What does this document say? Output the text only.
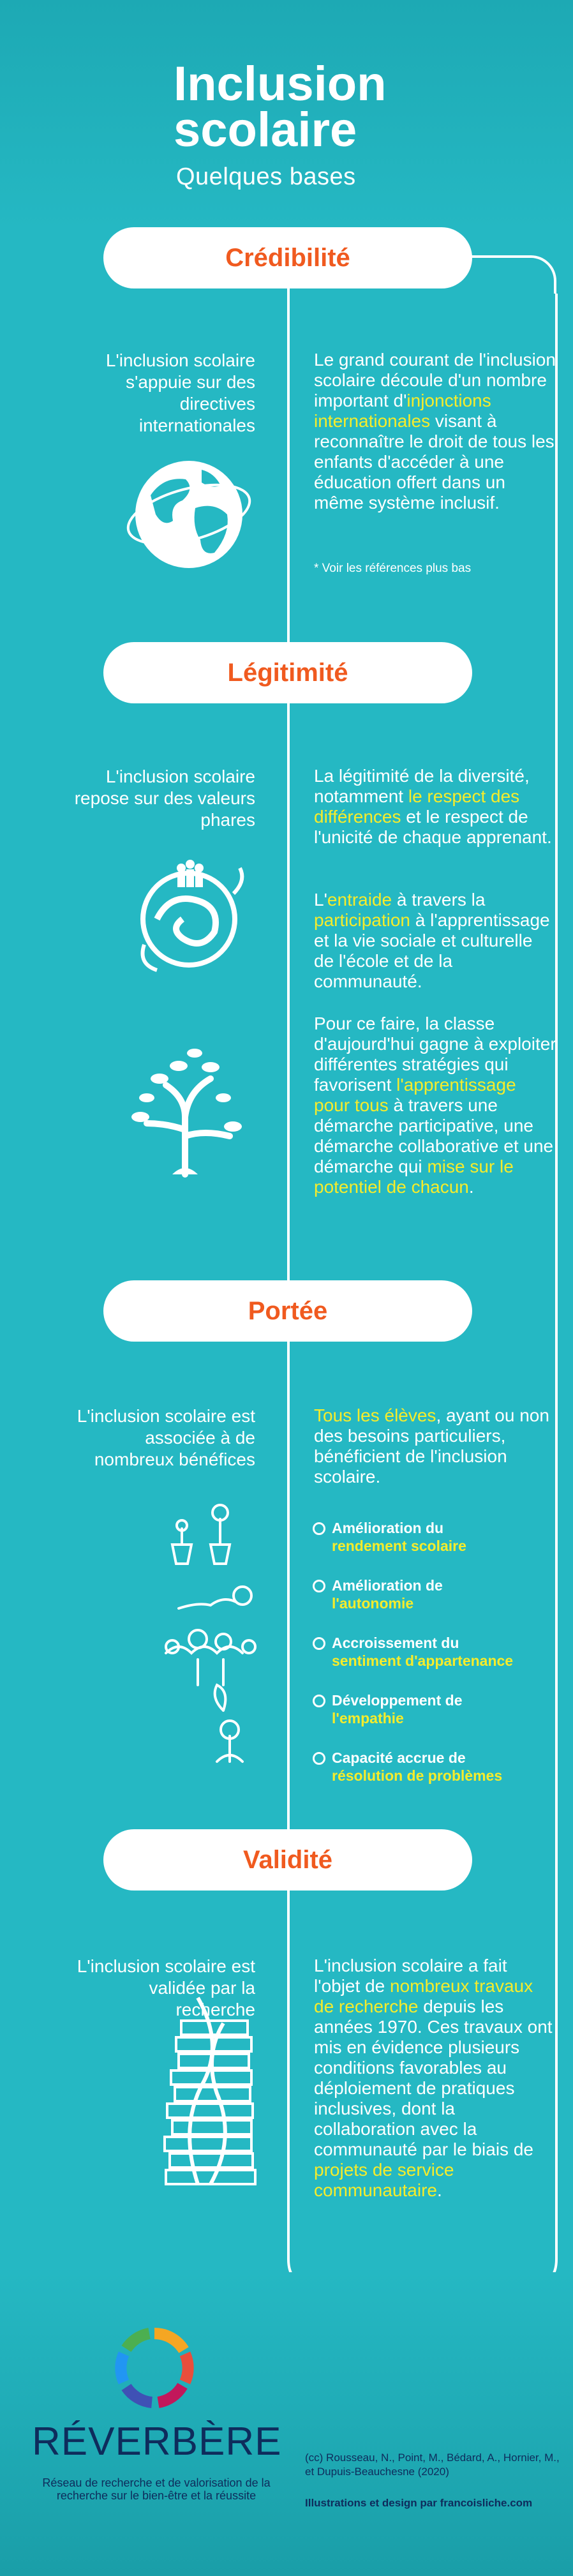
Inclusion
scolaire
Quelques bases
Crédibilité
L'inclusion scolaire s'appuie sur des directives internationales
Le grand courant de l'inclusion scolaire découle d'un nombre important d'injonctions internationales visant à reconnaître le droit de tous les enfants d'accéder à une éducation offert dans un même système inclusif.
* Voir les références plus bas
Légitimité
L'inclusion scolaire repose sur des valeurs phares
La légitimité de la diversité, notamment le respect des différences et le respect de l'unicité de chaque apprenant.
L'entraide à travers la participation à l'apprentissage et la vie sociale et culturelle de l'école et de la communauté.
Pour ce faire, la classe d'aujourd'hui gagne à exploiter différentes stratégies qui favorisent l'apprentissage pour tous à travers une démarche participative, une démarche collaborative et une démarche qui mise sur le potentiel de chacun.
Portée
L'inclusion scolaire est associée à de nombreux bénéfices
Tous les élèves, ayant ou non des besoins particuliers, bénéficient de l'inclusion scolaire.
Amélioration du
rendement scolaire
Amélioration de
l'autonomie
Accroissement du
sentiment d'appartenance
Développement de
l'empathie
Capacité accrue de
résolution de problèmes
Validité
L'inclusion scolaire est validée par la recherche
L'inclusion scolaire a fait l'objet de nombreux travaux de recherche depuis les années 1970. Ces travaux ont mis en évidence plusieurs conditions favorables au déploiement de pratiques inclusives, dont la collaboration avec la communauté par le biais de projets de service communautaire.
RÉVERBÈRE
Réseau de recherche et de valorisation de la recherche sur le bien-être et la réussite
(cc) Rousseau, N., Point, M., Bédard, A., Hornier, M., et Dupuis-Beauchesne (2020)
Illustrations et design par francoisliche.com
